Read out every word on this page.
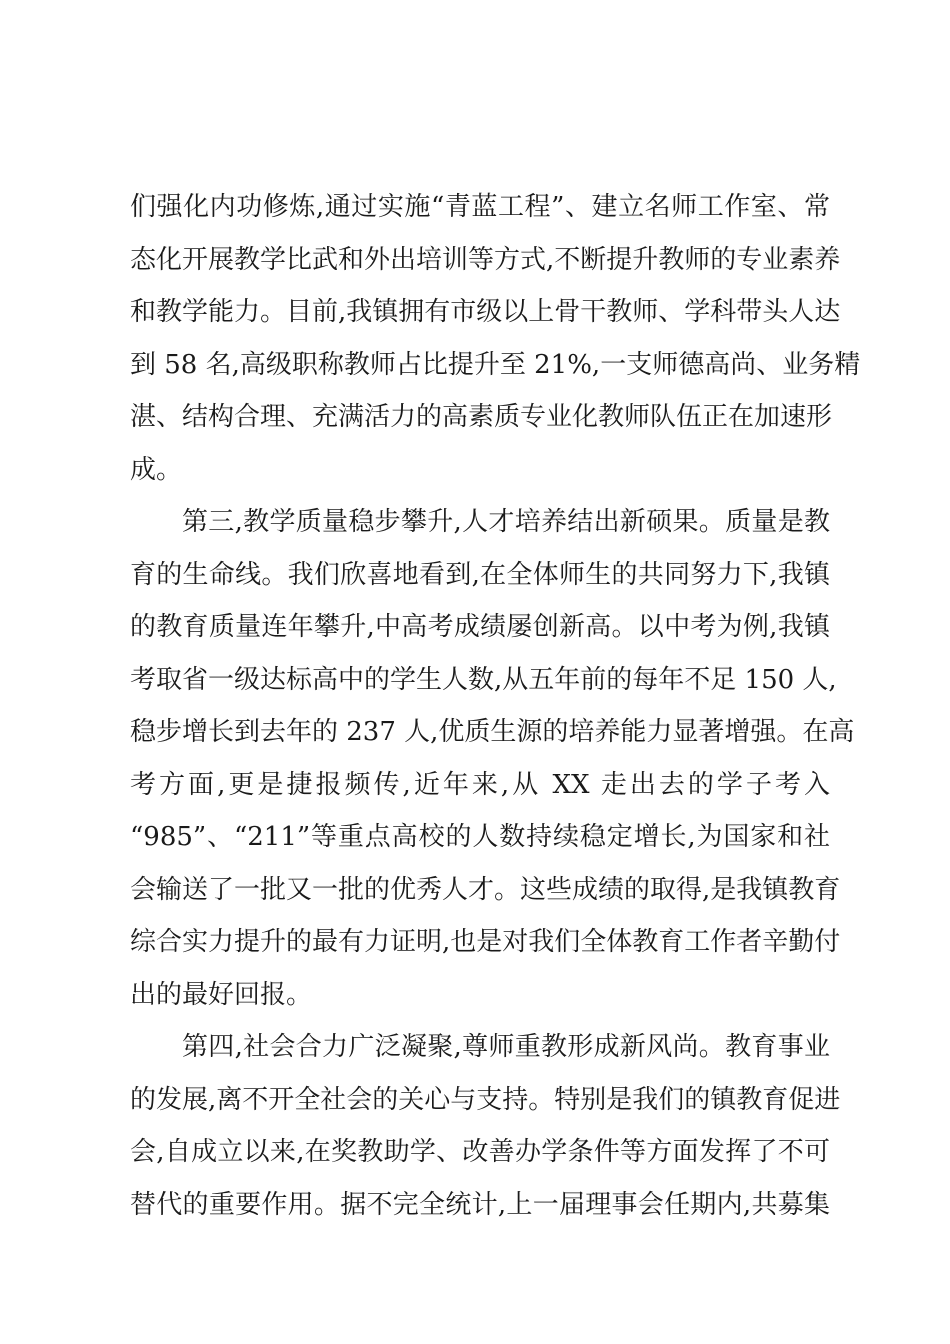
们强化内功修炼,通过实施“青蓝工程”、建立名师工作室、常
态化开展教学比武和外出培训等方式,不断提升教师的专业素养
和教学能力。目前,我镇拥有市级以上骨干教师、学科带头人达
到 58 名,高级职称教师占比提升至 21%,一支师德高尚、业务精
湛、结构合理、充满活力的高素质专业化教师队伍正在加速形
成。
第三,教学质量稳步攀升,人才培养结出新硕果。质量是教
育的生命线。我们欣喜地看到,在全体师生的共同努力下,我镇
的教育质量连年攀升,中高考成绩屡创新高。以中考为例,我镇
考取省一级达标高中的学生人数,从五年前的每年不足 150 人,
稳步增长到去年的 237 人,优质生源的培养能力显著增强。在高
考方面,更是捷报频传,近年来,从 XX 走出去的学子考入
“985”、“211”等重点高校的人数持续稳定增长,为国家和社
会输送了一批又一批的优秀人才。这些成绩的取得,是我镇教育
综合实力提升的最有力证明,也是对我们全体教育工作者辛勤付
出的最好回报。
第四,社会合力广泛凝聚,尊师重教形成新风尚。教育事业
的发展,离不开全社会的关心与支持。特别是我们的镇教育促进
会,自成立以来,在奖教助学、改善办学条件等方面发挥了不可
替代的重要作用。据不完全统计,上一届理事会任期内,共募集
